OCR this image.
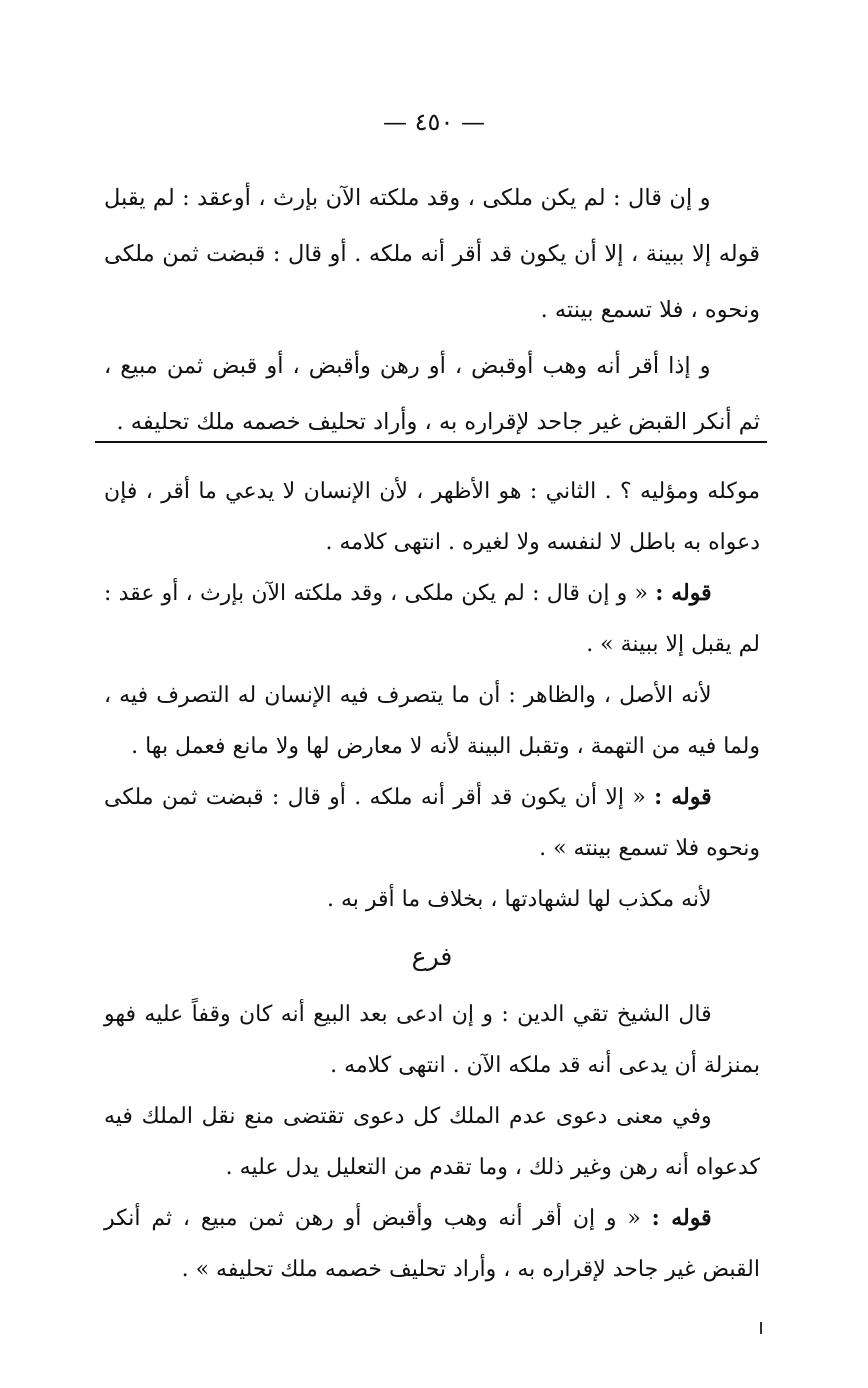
— ٤٥٠ —

و إن قال : لم يكن ملكى ، وقد ملكته الآن بإرث ، أوعقد : لم يقبل قوله إلا ببينة ، إلا أن يكون قد أقر أنه ملكه . أو قال : قبضت ثمن ملكى ونحوه ، فلا تسمع بينته .

و إذا أقر أنه وهب أوقبض ، أو رهن وأقبض ، أو قبض ثمن مبيع ، ثم أنكر القبض غير جاحد لإقراره به ، وأراد تحليف خصمه ملك تحليفه .

موكله ومؤليه ؟ . الثاني : هو الأظهر ، لأن الإنسان لا يدعي ما أقر ، فإن دعواه به باطل لا لنفسه ولا لغيره . انتهى كلامه .

قوله : « و إن قال : لم يكن ملكى ، وقد ملكته الآن بإرث ، أو عقد : لم يقبل إلا ببينة » .

لأنه الأصل ، والظاهر : أن ما يتصرف فيه الإنسان له التصرف فيه ، ولما فيه من التهمة ، وتقبل البينة لأنه لا معارض لها ولا مانع فعمل بها .

قوله : « إلا أن يكون قد أقر أنه ملكه . أو قال : قبضت ثمن ملكى ونحوه فلا تسمع بينته » .

لأنه مكذب لها لشهادتها ، بخلاف ما أقر به .

فرع

قال الشيخ تقي الدين : و إن ادعى بعد البيع أنه كان وقفاً عليه فهو بمنزلة أن يدعى أنه قد ملكه الآن . انتهى كلامه .

وفي معنى دعوى عدم الملك كل دعوى تقتضى منع نقل الملك فيه كدعواه أنه رهن وغير ذلك ، وما تقدم من التعليل يدل عليه .

قوله : « و إن أقر أنه وهب وأقبض أو رهن ثمن مبيع ، ثم أنكر القبض غير جاحد لإقراره به ، وأراد تحليف خصمه ملك تحليفه » .
